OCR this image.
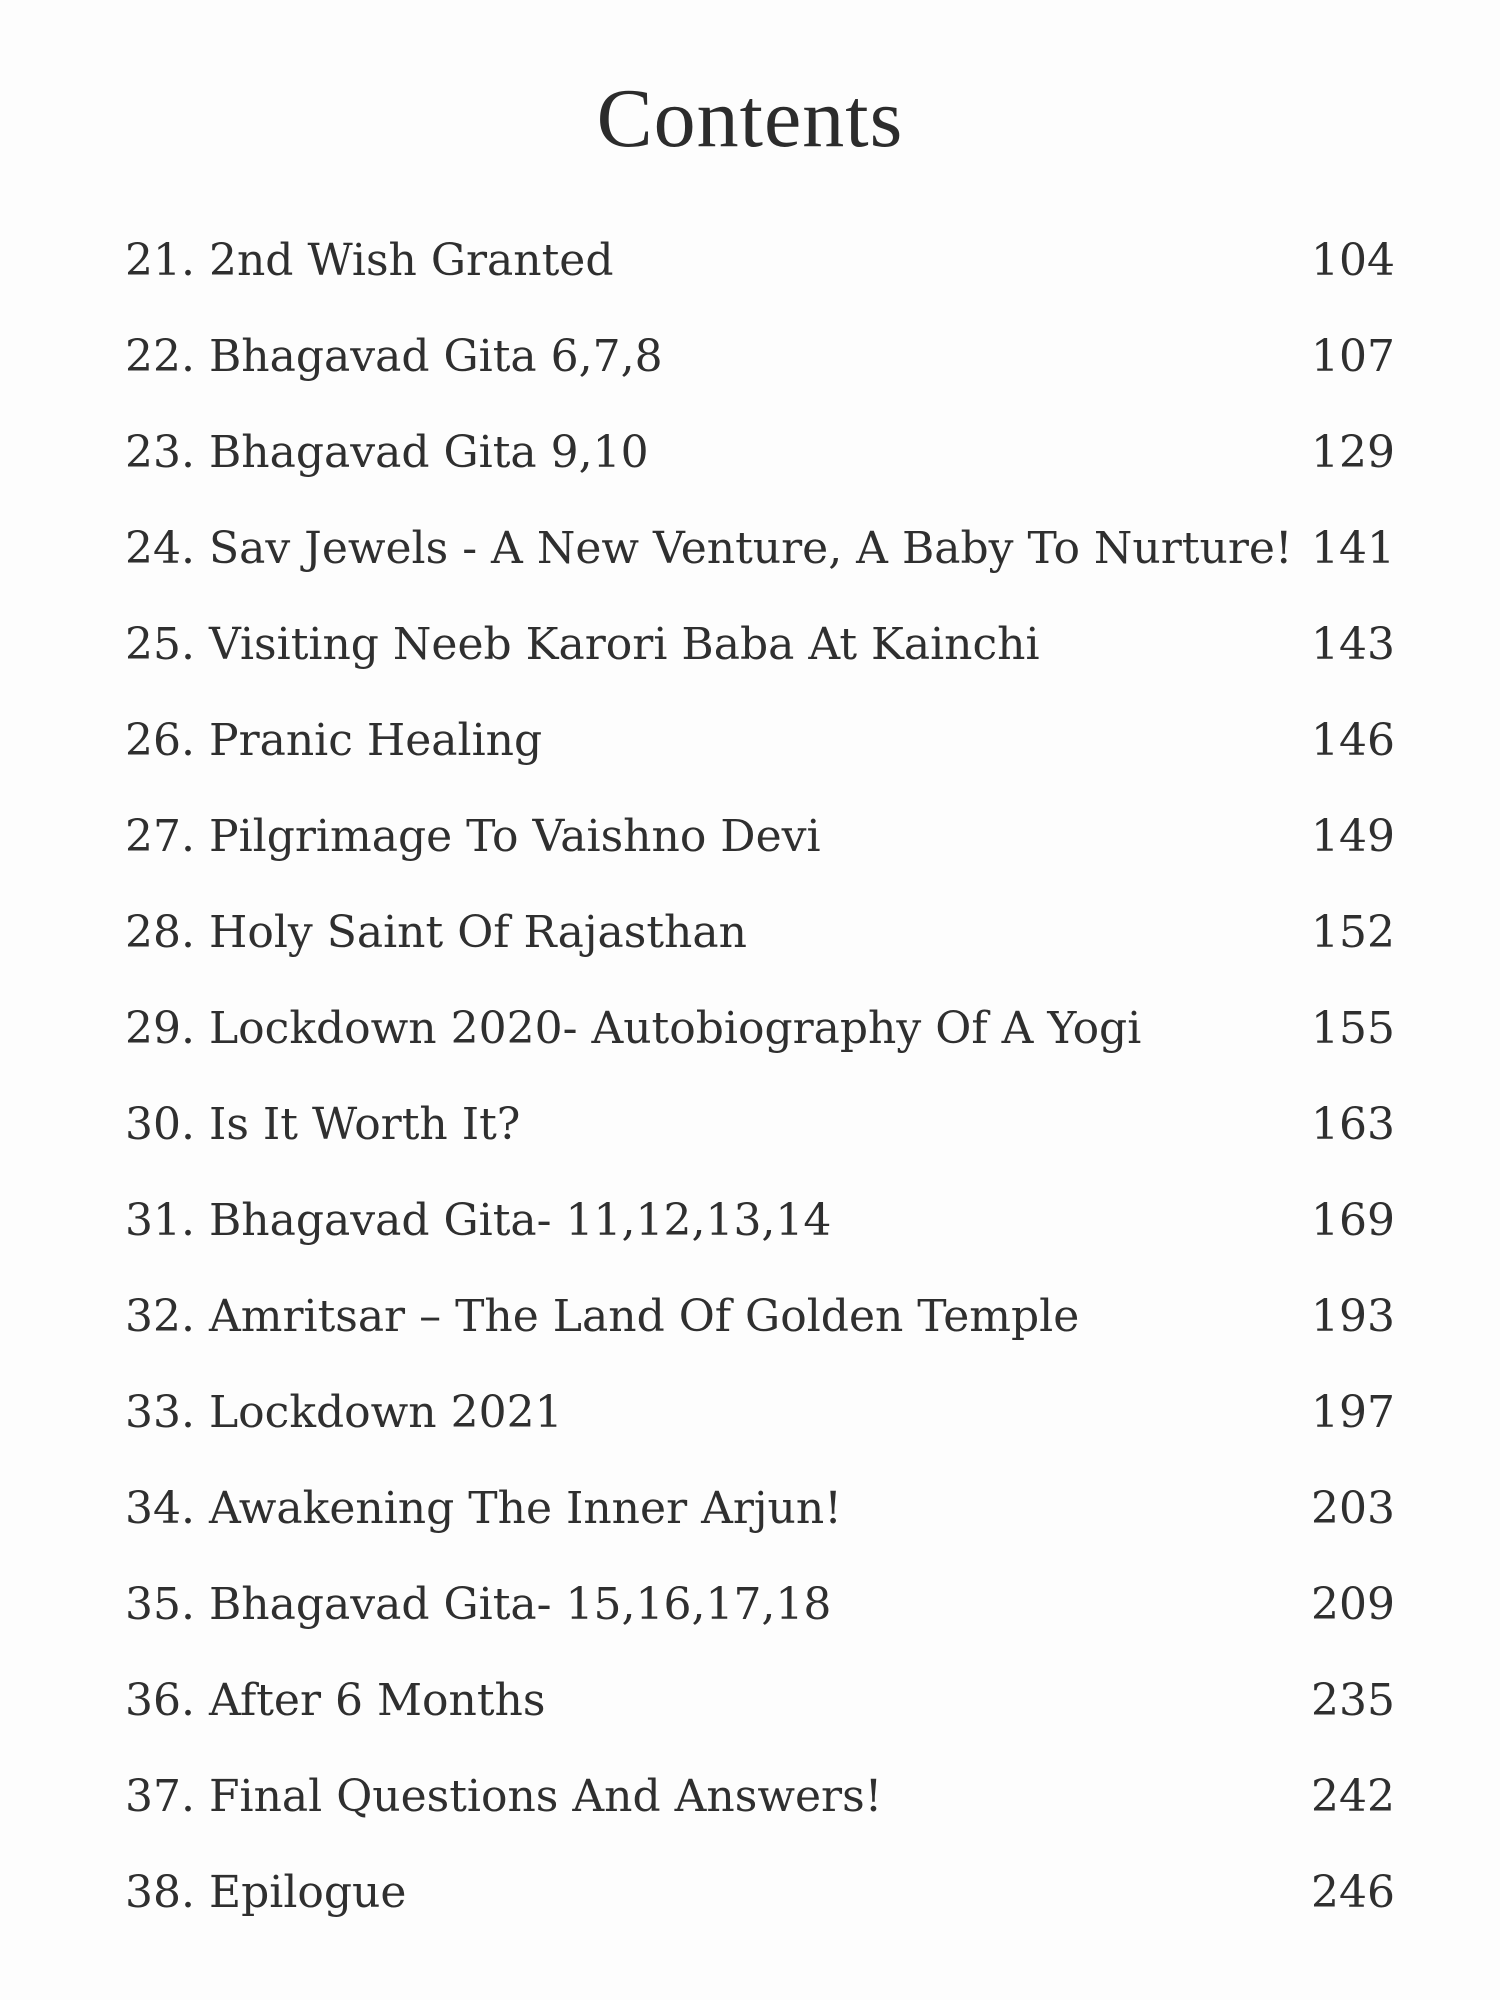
Contents
21. 2nd Wish Granted	104
22. Bhagavad Gita 6,7,8	107
23. Bhagavad Gita 9,10	129
24. Sav Jewels - A New Venture, A Baby To Nurture! 141
25. Visiting Neeb Karori Baba At Kainchi	143
26. Pranic Healing	146
27. Pilgrimage To Vaishno Devi	149
28. Holy Saint Of Rajasthan	152
29. Lockdown 2020- Autobiography Of A Yogi	155
30. Is It Worth It?	163
31. Bhagavad Gita- 11,12,13,14	169
32. Amritsar – The Land Of Golden Temple	193
33. Lockdown 2021	197
34. Awakening The Inner Arjun!	203
35. Bhagavad Gita- 15,16,17,18	209
36. After 6 Months	235
37. Final Questions And Answers!	242
38. Epilogue	246
